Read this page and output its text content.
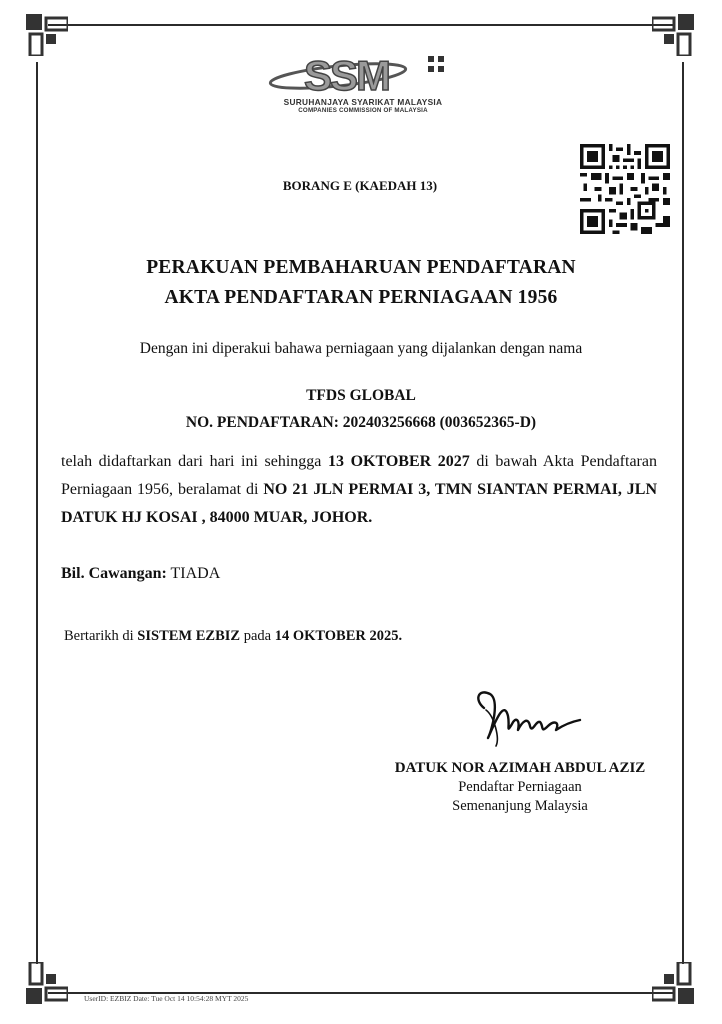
SSM
SURUHANJAYA SYARIKAT MALAYSIA
COMPANIES COMMISSION OF MALAYSIA
BORANG E (KAEDAH 13)
PERAKUAN PEMBAHARUAN PENDAFTARAN
AKTA PENDAFTARAN PERNIAGAAN 1956
Dengan ini diperakui bahawa perniagaan yang dijalankan dengan nama
TFDS GLOBAL
NO. PENDAFTARAN: 202403256668 (003652365-D)
telah didaftarkan dari hari ini sehingga 13 OKTOBER 2027 di bawah Akta Pendaftaran Perniagaan 1956, beralamat di NO 21 JLN PERMAI 3, TMN SIANTAN PERMAI, JLN DATUK HJ KOSAI , 84000 MUAR, JOHOR.
Bil. Cawangan: TIADA
Bertarikh di SISTEM EZBIZ pada 14 OKTOBER 2025.
DATUK NOR AZIMAH ABDUL AZIZ
Pendaftar Perniagaan
Semenanjung Malaysia
UserID: EZBIZ Date: Tue Oct 14 10:54:28 MYT 2025
